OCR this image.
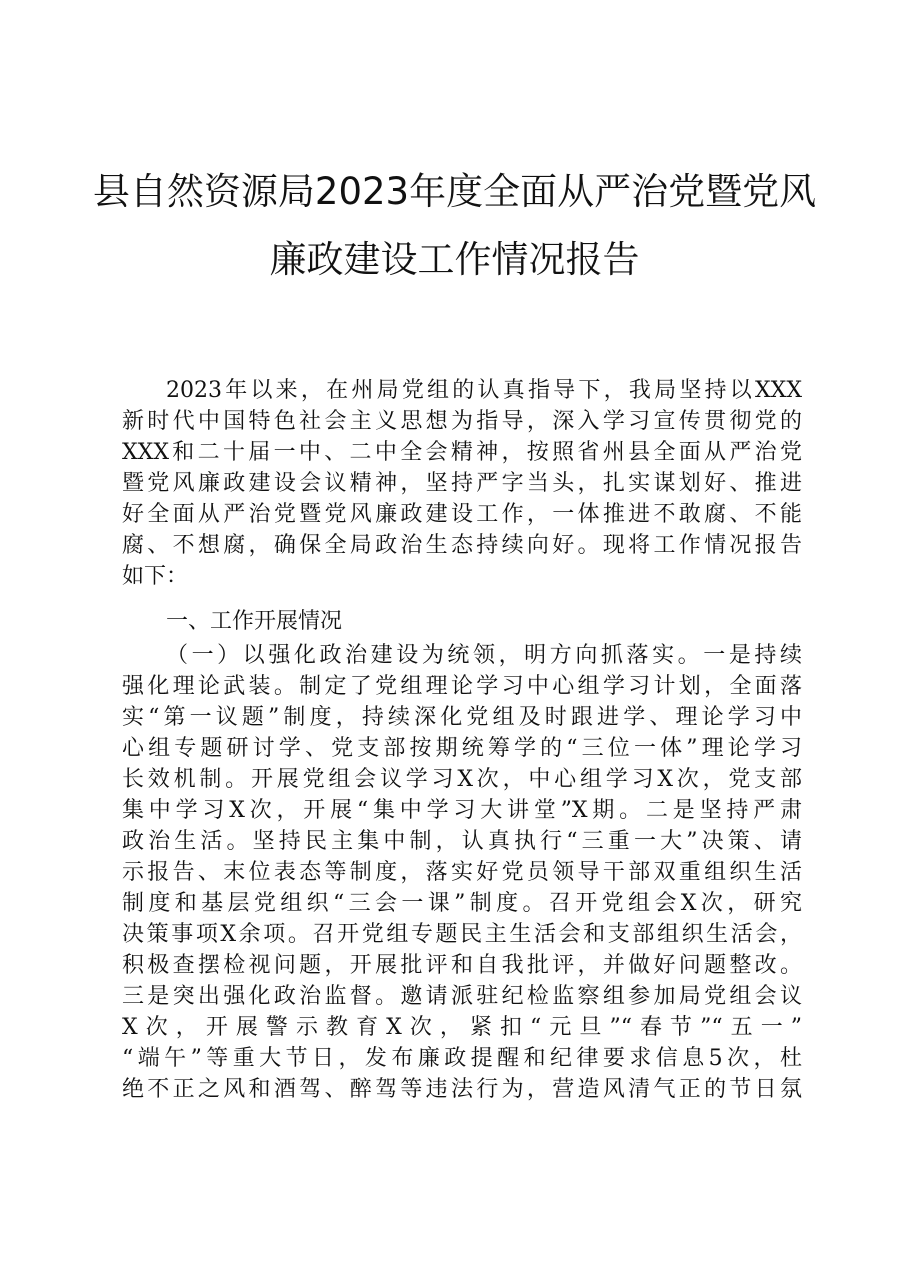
县自然资源局2023年度全面从严治党暨党风
廉政建设工作情况报告
2023年以来，在州局党组的认真指导下，我局坚持以XXX
新时代中国特色社会主义思想为指导，深入学习宣传贯彻党的
XXX和二十届一中、二中全会精神，按照省州县全面从严治党
暨党风廉政建设会议精神，坚持严字当头，扎实谋划好、推进
好全面从严治党暨党风廉政建设工作，一体推进不敢腐、不能
腐、不想腐，确保全局政治生态持续向好。现将工作情况报告
如下：
一、工作开展情况
（一）以强化政治建设为统领，明方向抓落实。一是持续
强化理论武装。制定了党组理论学习中心组学习计划，全面落
实“第一议题”制度，持续深化党组及时跟进学、理论学习中
心组专题研讨学、党支部按期统筹学的“三位一体”理论学习
长效机制。开展党组会议学习X次，中心组学习X次，党支部
集中学习X次，开展“集中学习大讲堂”X期。二是坚持严肃
政治生活。坚持民主集中制，认真执行“三重一大”决策、请
示报告、末位表态等制度，落实好党员领导干部双重组织生活
制度和基层党组织“三会一课”制度。召开党组会X次，研究
决策事项X余项。召开党组专题民主生活会和支部组织生活会，
积极查摆检视问题，开展批评和自我批评，并做好问题整改。
三是突出强化政治监督。邀请派驻纪检监察组参加局党组会议
X次，开展警示教育X次，紧扣“元旦”“春节”“五一”
“端午”等重大节日，发布廉政提醒和纪律要求信息5次，杜
绝不正之风和酒驾、醉驾等违法行为，营造风清气正的节日氛
